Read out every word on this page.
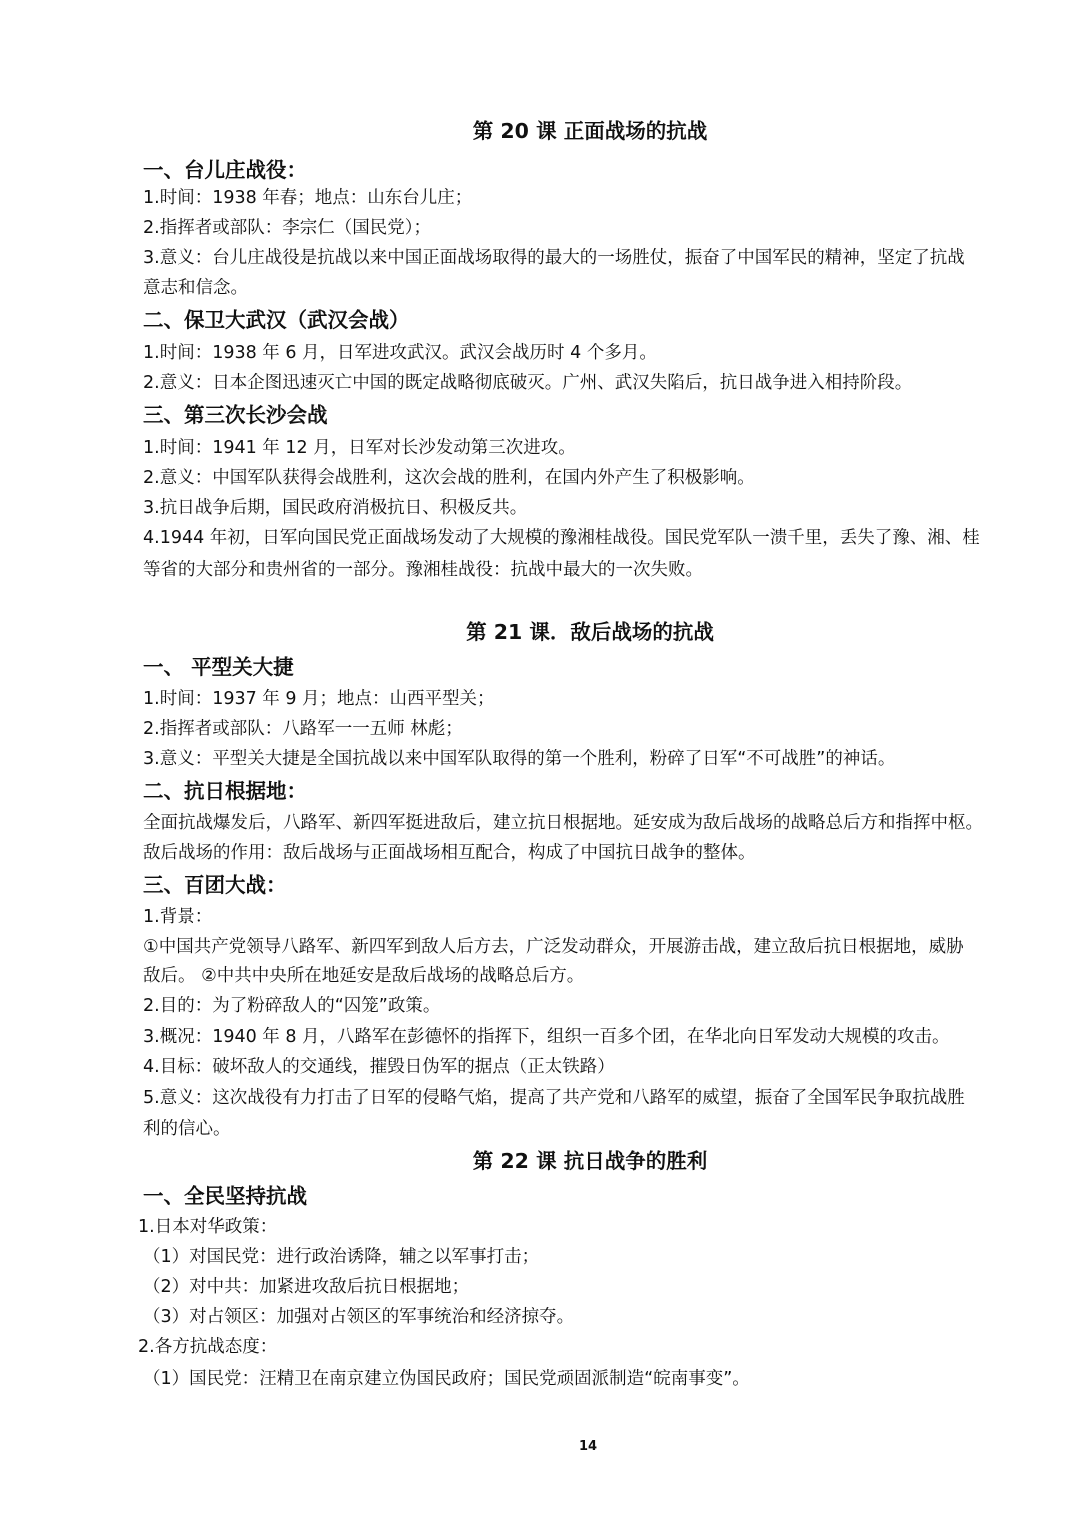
第 20 课 正面战场的抗战
一、台儿庄战役：
1.时间：1938 年春；地点：山东台儿庄；
2.指挥者或部队：李宗仁（国民党）；
3.意义：台儿庄战役是抗战以来中国正面战场取得的最大的一场胜仗，振奋了中国军民的精神，坚定了抗战
意志和信念。
二、保卫大武汉（武汉会战）
1.时间：1938 年 6 月，日军进攻武汉。武汉会战历时 4 个多月。
2.意义：日本企图迅速灭亡中国的既定战略彻底破灭。广州、武汉失陷后，抗日战争进入相持阶段。
三、第三次长沙会战
1.时间：1941 年 12 月，日军对长沙发动第三次进攻。
2.意义：中国军队获得会战胜利，这次会战的胜利，在国内外产生了积极影响。
3.抗日战争后期，国民政府消极抗日、积极反共。
4.1944 年初，日军向国民党正面战场发动了大规模的豫湘桂战役。国民党军队一溃千里，丢失了豫、湘、桂
等省的大部分和贵州省的一部分。豫湘桂战役：抗战中最大的一次失败。
第 21 课．敌后战场的抗战
一、 平型关大捷
1.时间：1937 年 9 月；地点：山西平型关；
2.指挥者或部队：八路军一一五师 林彪；
3.意义：平型关大捷是全国抗战以来中国军队取得的第一个胜利，粉碎了日军“不可战胜”的神话。
二、抗日根据地：
全面抗战爆发后，八路军、新四军挺进敌后，建立抗日根据地。延安成为敌后战场的战略总后方和指挥中枢。
敌后战场的作用：敌后战场与正面战场相互配合，构成了中国抗日战争的整体。
三、百团大战：
1.背景：
①中国共产党领导八路军、新四军到敌人后方去，广泛发动群众，开展游击战，建立敌后抗日根据地，威胁
敌后。 ②中共中央所在地延安是敌后战场的战略总后方。
2.目的：为了粉碎敌人的“囚笼”政策。
3.概况：1940 年 8 月，八路军在彭德怀的指挥下，组织一百多个团，在华北向日军发动大规模的攻击。
4.目标：破坏敌人的交通线，摧毁日伪军的据点（正太铁路）
5.意义：这次战役有力打击了日军的侵略气焰，提高了共产党和八路军的威望，振奋了全国军民争取抗战胜
利的信心。
第 22 课 抗日战争的胜利
一、全民坚持抗战
1.日本对华政策：
（1）对国民党：进行政治诱降，辅之以军事打击；
（2）对中共：加紧进攻敌后抗日根据地；
（3）对占领区：加强对占领区的军事统治和经济掠夺。
2.各方抗战态度：
（1）国民党：汪精卫在南京建立伪国民政府；国民党顽固派制造“皖南事变”。
14
